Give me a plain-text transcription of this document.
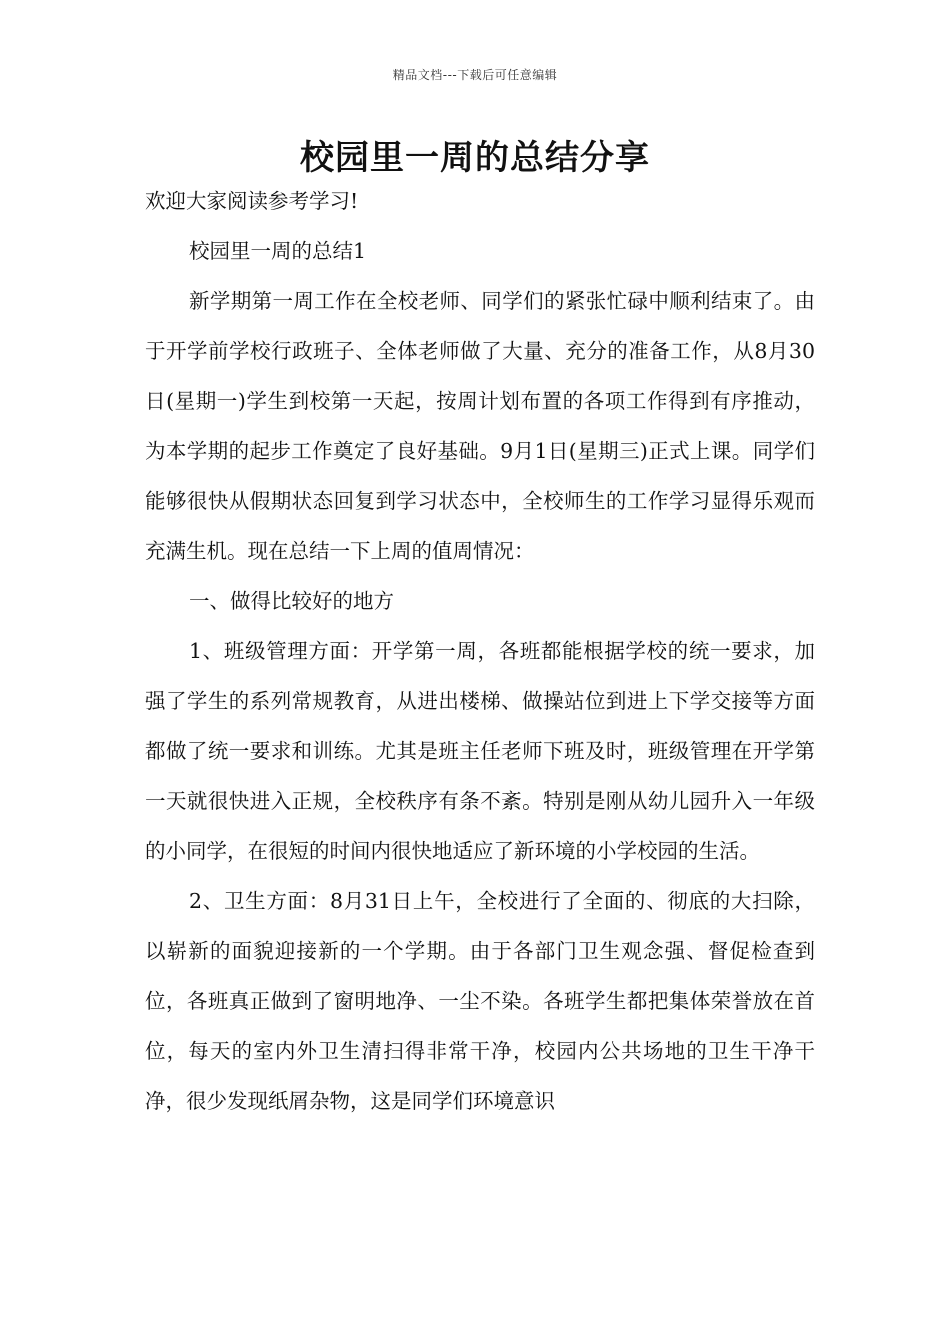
精品文档---下载后可任意编辑
校园里一周的总结分享

欢迎大家阅读参考学习!

校园里一周的总结1

新学期第一周工作在全校老师、同学们的紧张忙碌中顺利结束了。由于开学前学校行政班子、全体老师做了大量、充分的准备工作，从8月30日(星期一)学生到校第一天起，按周计划布置的各项工作得到有序推动，为本学期的起步工作奠定了良好基础。9月1日(星期三)正式上课。同学们能够很快从假期状态回复到学习状态中，全校师生的工作学习显得乐观而充满生机。现在总结一下上周的值周情况：

一、做得比较好的地方

1、班级管理方面：开学第一周，各班都能根据学校的统一要求，加强了学生的系列常规教育，从进出楼梯、做操站位到进上下学交接等方面都做了统一要求和训练。尤其是班主任老师下班及时，班级管理在开学第一天就很快进入正规，全校秩序有条不紊。特别是刚从幼儿园升入一年级的小同学，在很短的时间内很快地适应了新环境的小学校园的生活。

2、卫生方面：8月31日上午，全校进行了全面的、彻底的大扫除，以崭新的面貌迎接新的一个学期。由于各部门卫生观念强、督促检查到位，各班真正做到了窗明地净、一尘不染。各班学生都把集体荣誉放在首位，每天的室内外卫生清扫得非常干净，校园内公共场地的卫生干净干净，很少发现纸屑杂物，这是同学们环境意识
